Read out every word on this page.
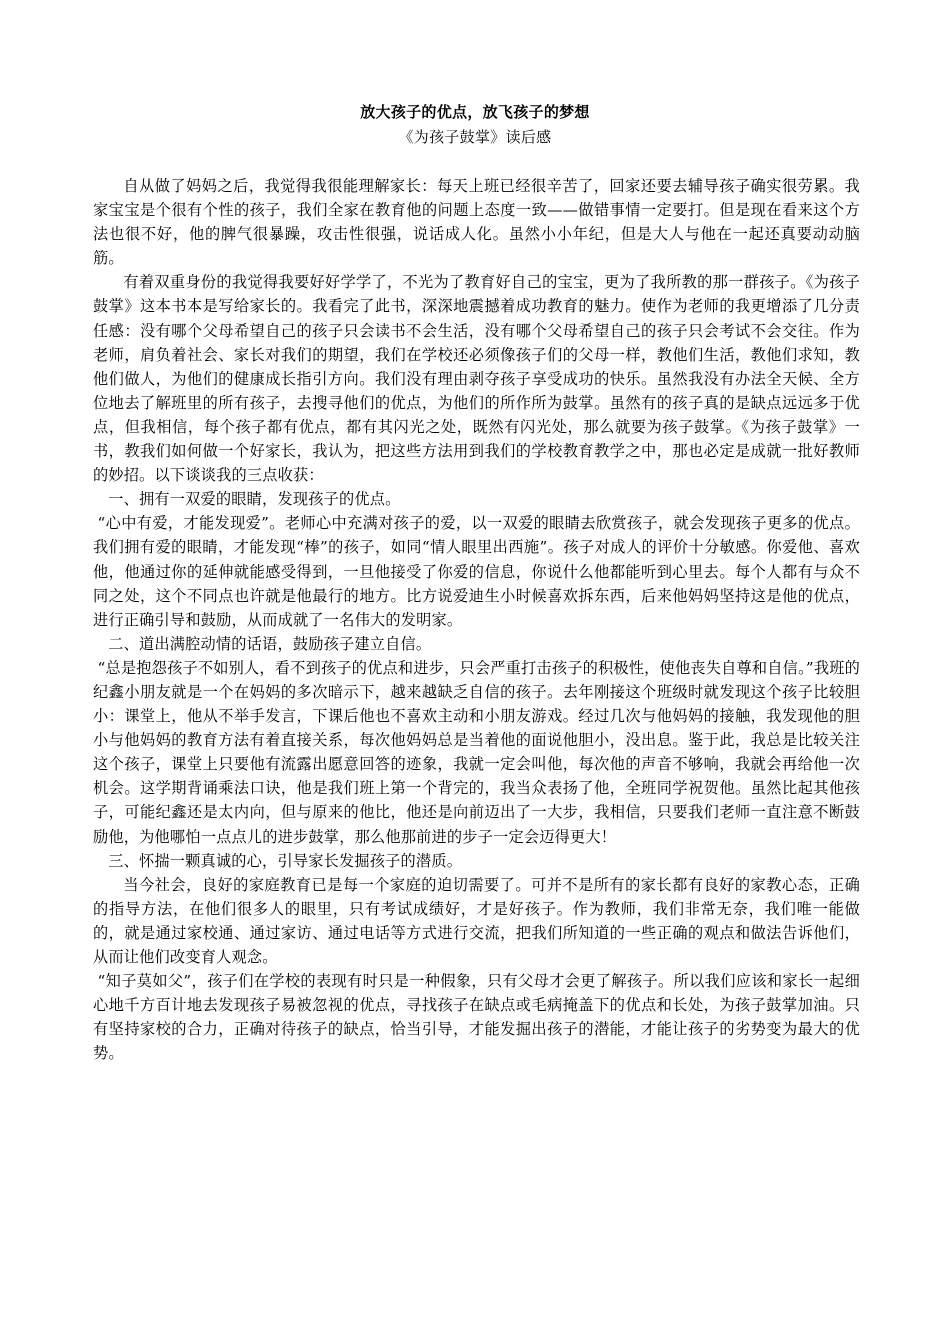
放大孩子的优点，放飞孩子的梦想
《为孩子鼓掌》读后感

自从做了妈妈之后，我觉得我很能理解家长：每天上班已经很辛苦了，回家还要去辅导孩子确实很劳累。我家宝宝是个很有个性的孩子，我们全家在教育他的问题上态度一致——做错事情一定要打。但是现在看来这个方法也很不好，他的脾气很暴躁，攻击性很强，说话成人化。虽然小小年纪，但是大人与他在一起还真要动动脑筋。

有着双重身份的我觉得我要好好学学了，不光为了教育好自己的宝宝，更为了我所教的那一群孩子。《为孩子鼓掌》这本书本是写给家长的。我看完了此书，深深地震撼着成功教育的魅力。使作为老师的我更增添了几分责任感：没有哪个父母希望自己的孩子只会读书不会生活，没有哪个父母希望自己的孩子只会考试不会交往。作为老师，肩负着社会、家长对我们的期望，我们在学校还必须像孩子们的父母一样，教他们生活，教他们求知，教他们做人，为他们的健康成长指引方向。我们没有理由剥夺孩子享受成功的快乐。虽然我没有办法全天候、全方位地去了解班里的所有孩子，去搜寻他们的优点，为他们的所作所为鼓掌。虽然有的孩子真的是缺点远远多于优点，但我相信，每个孩子都有优点，都有其闪光之处，既然有闪光处，那么就要为孩子鼓掌。《为孩子鼓掌》一书，教我们如何做一个好家长，我认为，把这些方法用到我们的学校教育教学之中，那也必定是成就一批好教师的妙招。以下谈谈我的三点收获：

一、拥有一双爱的眼睛，发现孩子的优点。

“心中有爱，才能发现爱”。老师心中充满对孩子的爱，以一双爱的眼睛去欣赏孩子，就会发现孩子更多的优点。我们拥有爱的眼睛，才能发现“棒”的孩子，如同“情人眼里出西施”。孩子对成人的评价十分敏感。你爱他、喜欢他，他通过你的延伸就能感受得到，一旦他接受了你爱的信息，你说什么他都能听到心里去。每个人都有与众不同之处，这个不同点也许就是他最行的地方。比方说爱迪生小时候喜欢拆东西，后来他妈妈坚持这是他的优点，进行正确引导和鼓励，从而成就了一名伟大的发明家。

二、道出满腔动情的话语，鼓励孩子建立自信。

“总是抱怨孩子不如别人，看不到孩子的优点和进步，只会严重打击孩子的积极性，使他丧失自尊和自信。”我班的纪鑫小朋友就是一个在妈妈的多次暗示下，越来越缺乏自信的孩子。去年刚接这个班级时就发现这个孩子比较胆小：课堂上，他从不举手发言，下课后他也不喜欢主动和小朋友游戏。经过几次与他妈妈的接触，我发现他的胆小与他妈妈的教育方法有着直接关系，每次他妈妈总是当着他的面说他胆小，没出息。鉴于此，我总是比较关注这个孩子，课堂上只要他有流露出愿意回答的迹象，我就一定会叫他，每次他的声音不够响，我就会再给他一次机会。这学期背诵乘法口诀，他是我们班上第一个背完的，我当众表扬了他，全班同学祝贺他。虽然比起其他孩子，可能纪鑫还是太内向，但与原来的他比，他还是向前迈出了一大步，我相信，只要我们老师一直注意不断鼓励他，为他哪怕一点点儿的进步鼓掌，那么他那前进的步子一定会迈得更大！

三、怀揣一颗真诚的心，引导家长发掘孩子的潜质。

当今社会，良好的家庭教育已是每一个家庭的迫切需要了。可并不是所有的家长都有良好的家教心态，正确的指导方法，在他们很多人的眼里，只有考试成绩好，才是好孩子。作为教师，我们非常无奈，我们唯一能做的，就是通过家校通、通过家访、通过电话等方式进行交流，把我们所知道的一些正确的观点和做法告诉他们，从而让他们改变育人观念。

“知子莫如父”，孩子们在学校的表现有时只是一种假象，只有父母才会更了解孩子。所以我们应该和家长一起细心地千方百计地去发现孩子易被忽视的优点，寻找孩子在缺点或毛病掩盖下的优点和长处，为孩子鼓掌加油。只有坚持家校的合力，正确对待孩子的缺点，恰当引导，才能发掘出孩子的潜能，才能让孩子的劣势变为最大的优势。
